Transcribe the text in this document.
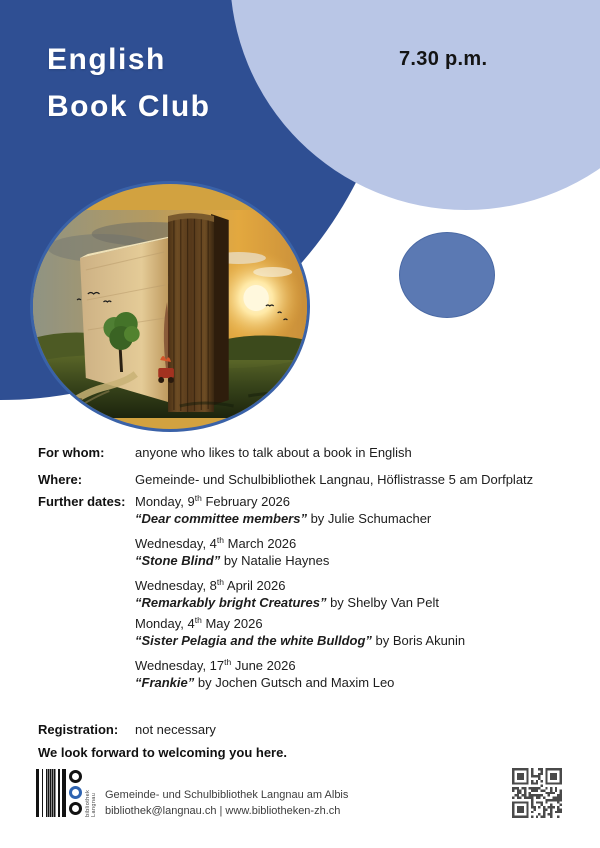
English
Book Club
7.30 p.m.
For whom: anyone who likes to talk about a book in English
Where:	Gemeinde- und Schulbibliothek Langnau, Höflistrasse 5 am Dorfplatz
Further dates: Monday, 9th February 2026
“Dear committee members” by Julie Schumacher
Wednesday, 4th March 2026
“Stone Blind” by Natalie Haynes
Wednesday, 8th April 2026
“Remarkably bright Creatures” by Shelby Van Pelt
Monday, 4th May 2026
“Sister Pelagia and the white Bulldog” by Boris Akunin
Wednesday, 17th June 2026
“Frankie” by Jochen Gutsch and Maxim Leo
Registration: not necessary
We look forward to welcoming you here.
bibliothek Langnau Gemeinde- und Schulbibliothek Langnau am Albis
bibliothek@langnau.ch | www.bibliotheken-zh.ch
